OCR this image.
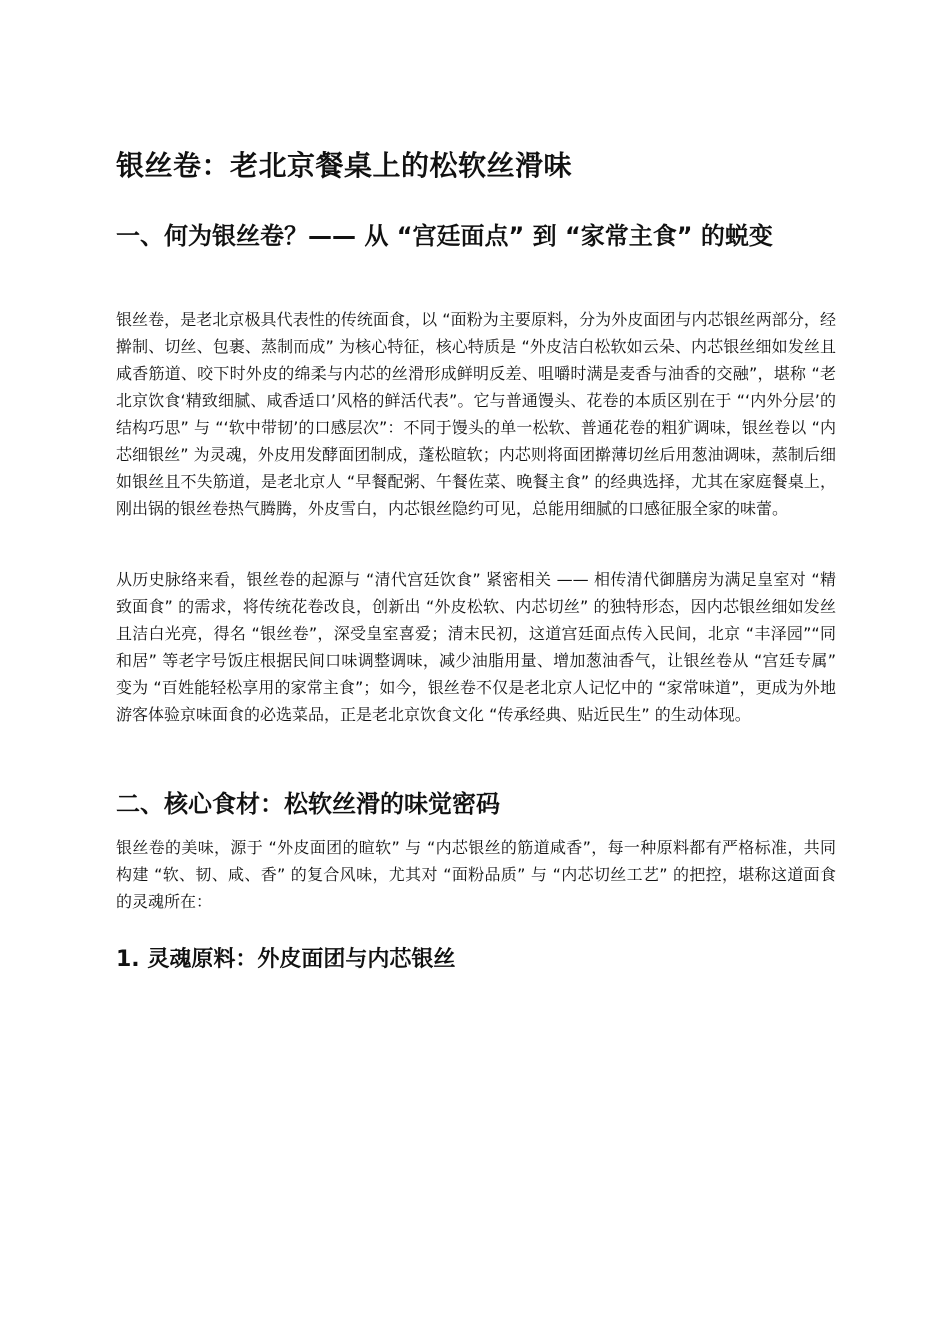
银丝卷：老北京餐桌上的松软丝滑味
一、何为银丝卷？—— 从 “宫廷面点” 到 “家常主食” 的蜕变

银丝卷，是老北京极具代表性的传统面食，以 “面粉为主要原料，分为外皮面团与内芯银丝两部分，经擀制、切丝、包裹、蒸制而成” 为核心特征，核心特质是 “外皮洁白松软如云朵、内芯银丝细如发丝且咸香筋道、咬下时外皮的绵柔与内芯的丝滑形成鲜明反差、咀嚼时满是麦香与油香的交融”，堪称 “老北京饮食‘精致细腻、咸香适口’风格的鲜活代表”。它与普通馒头、花卷的本质区别在于 “‘内外分层’的结构巧思” 与 “‘软中带韧’的口感层次”：不同于馒头的单一松软、普通花卷的粗犷调味，银丝卷以 “内芯细银丝” 为灵魂，外皮用发酵面团制成，蓬松暄软；内芯则将面团擀薄切丝后用葱油调味，蒸制后细如银丝且不失筋道，是老北京人 “早餐配粥、午餐佐菜、晚餐主食” 的经典选择，尤其在家庭餐桌上，刚出锅的银丝卷热气腾腾，外皮雪白，内芯银丝隐约可见，总能用细腻的口感征服全家的味蕾。

从历史脉络来看，银丝卷的起源与 “清代宫廷饮食” 紧密相关 —— 相传清代御膳房为满足皇室对 “精致面食” 的需求，将传统花卷改良，创新出 “外皮松软、内芯切丝” 的独特形态，因内芯银丝细如发丝且洁白光亮，得名 “银丝卷”，深受皇室喜爱；清末民初，这道宫廷面点传入民间，北京 “丰泽园”“同和居” 等老字号饭庄根据民间口味调整调味，减少油脂用量、增加葱油香气，让银丝卷从 “宫廷专属” 变为 “百姓能轻松享用的家常主食”；如今，银丝卷不仅是老北京人记忆中的 “家常味道”，更成为外地游客体验京味面食的必选菜品，正是老北京饮食文化 “传承经典、贴近民生” 的生动体现。

二、核心食材：松软丝滑的味觉密码

银丝卷的美味，源于 “外皮面团的暄软” 与 “内芯银丝的筋道咸香”，每一种原料都有严格标准，共同构建 “软、韧、咸、香” 的复合风味，尤其对 “面粉品质” 与 “内芯切丝工艺” 的把控，堪称这道面食的灵魂所在：

1. 灵魂原料：外皮面团与内芯银丝
